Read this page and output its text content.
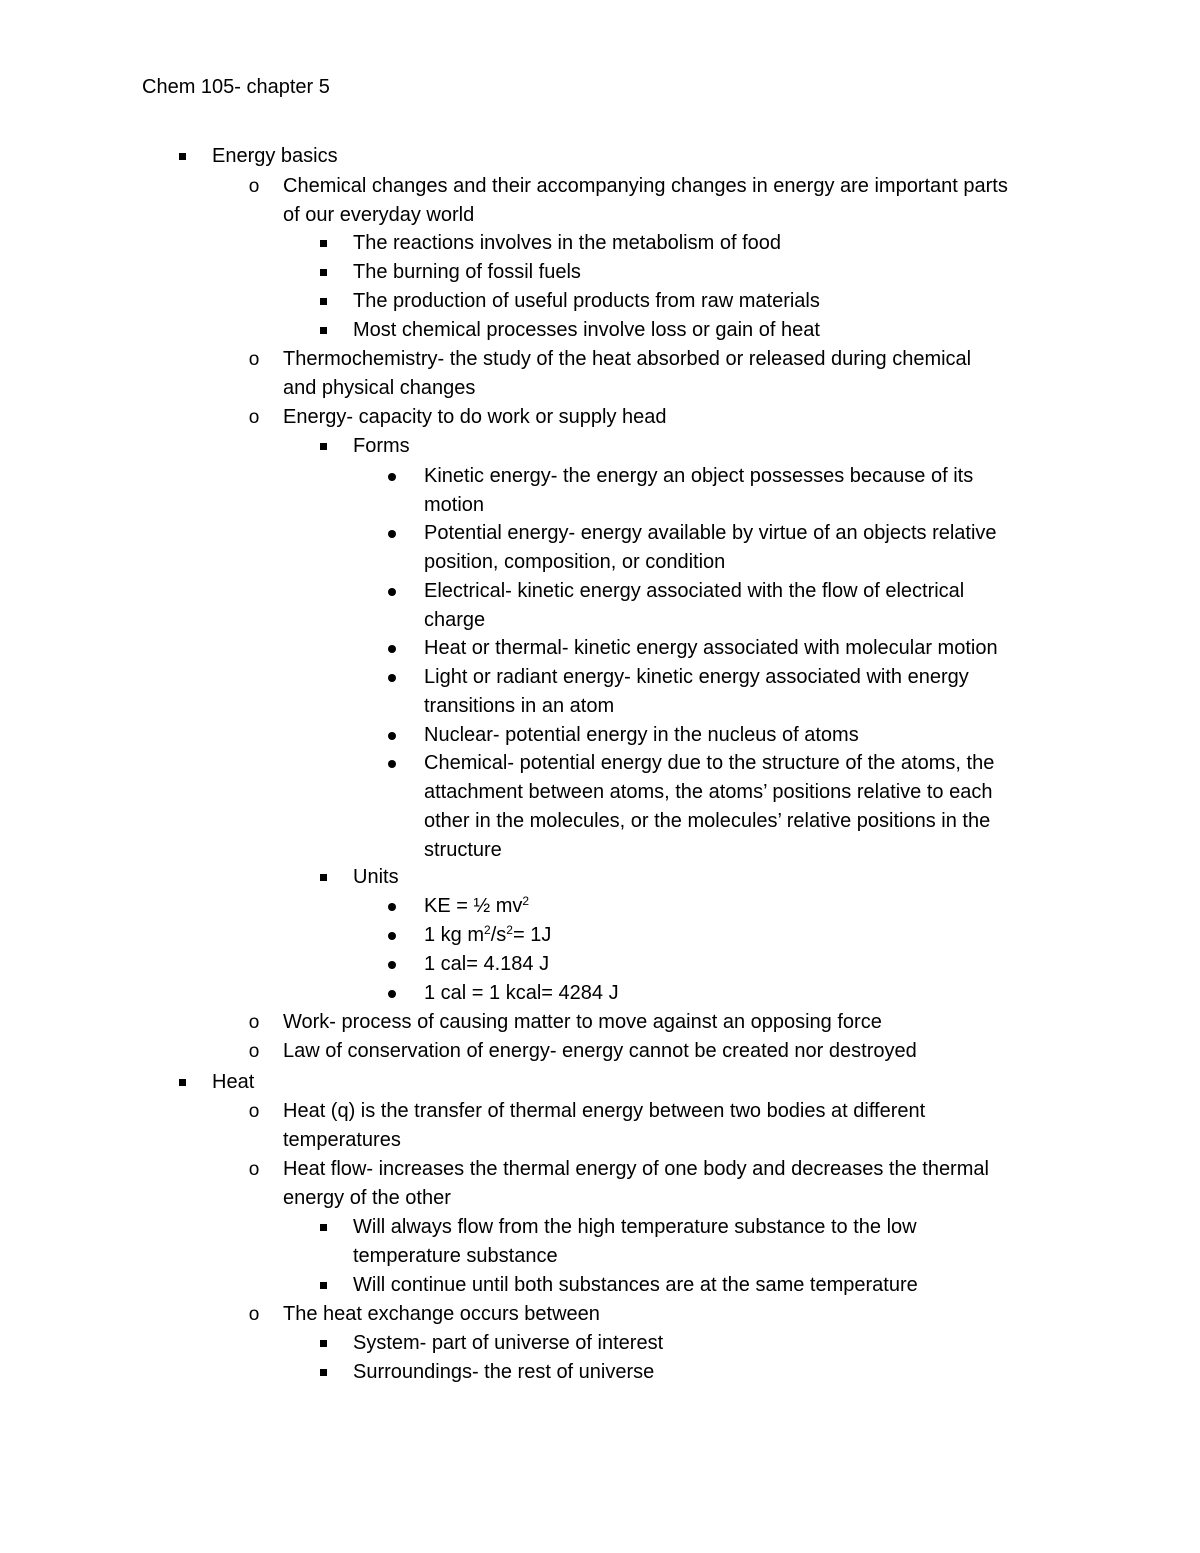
Chem 105- chapter 5
Energy basics
o Chemical changes and their accompanying changes in energy are important parts
of our everyday world
The reactions involves in the metabolism of food
The burning of fossil fuels
The production of useful products from raw materials
Most chemical processes involve loss or gain of heat
o Thermochemistry- the study of the heat absorbed or released during chemical
and physical changes
o Energy- capacity to do work or supply head
Forms
Kinetic energy- the energy an object possesses because of its
motion
Potential energy- energy available by virtue of an objects relative
position, composition, or condition
Electrical- kinetic energy associated with the flow of electrical
charge
Heat or thermal- kinetic energy associated with molecular motion
Light or radiant energy- kinetic energy associated with energy
transitions in an atom
Nuclear- potential energy in the nucleus of atoms
Chemical- potential energy due to the structure of the atoms, the
attachment between atoms, the atoms’ positions relative to each
other in the molecules, or the molecules’ relative positions in the
structure
Units
KE = ½ $mv^2$
1 kg $m^2/s^2= 1J$
1 cal= 4.184 J
1 cal = 1 kcal= 4284 J
o Work- process of causing matter to move against an opposing force
o Law of conservation of energy- energy cannot be created nor destroyed
Heat
o Heat (q) is the transfer of thermal energy between two bodies at different
temperatures
o Heat flow- increases the thermal energy of one body and decreases the thermal
energy of the other
Will always flow from the high temperature substance to the low
temperature substance
Will continue until both substances are at the same temperature
o The heat exchange occurs between
System- part of universe of interest
Surroundings- the rest of universe
